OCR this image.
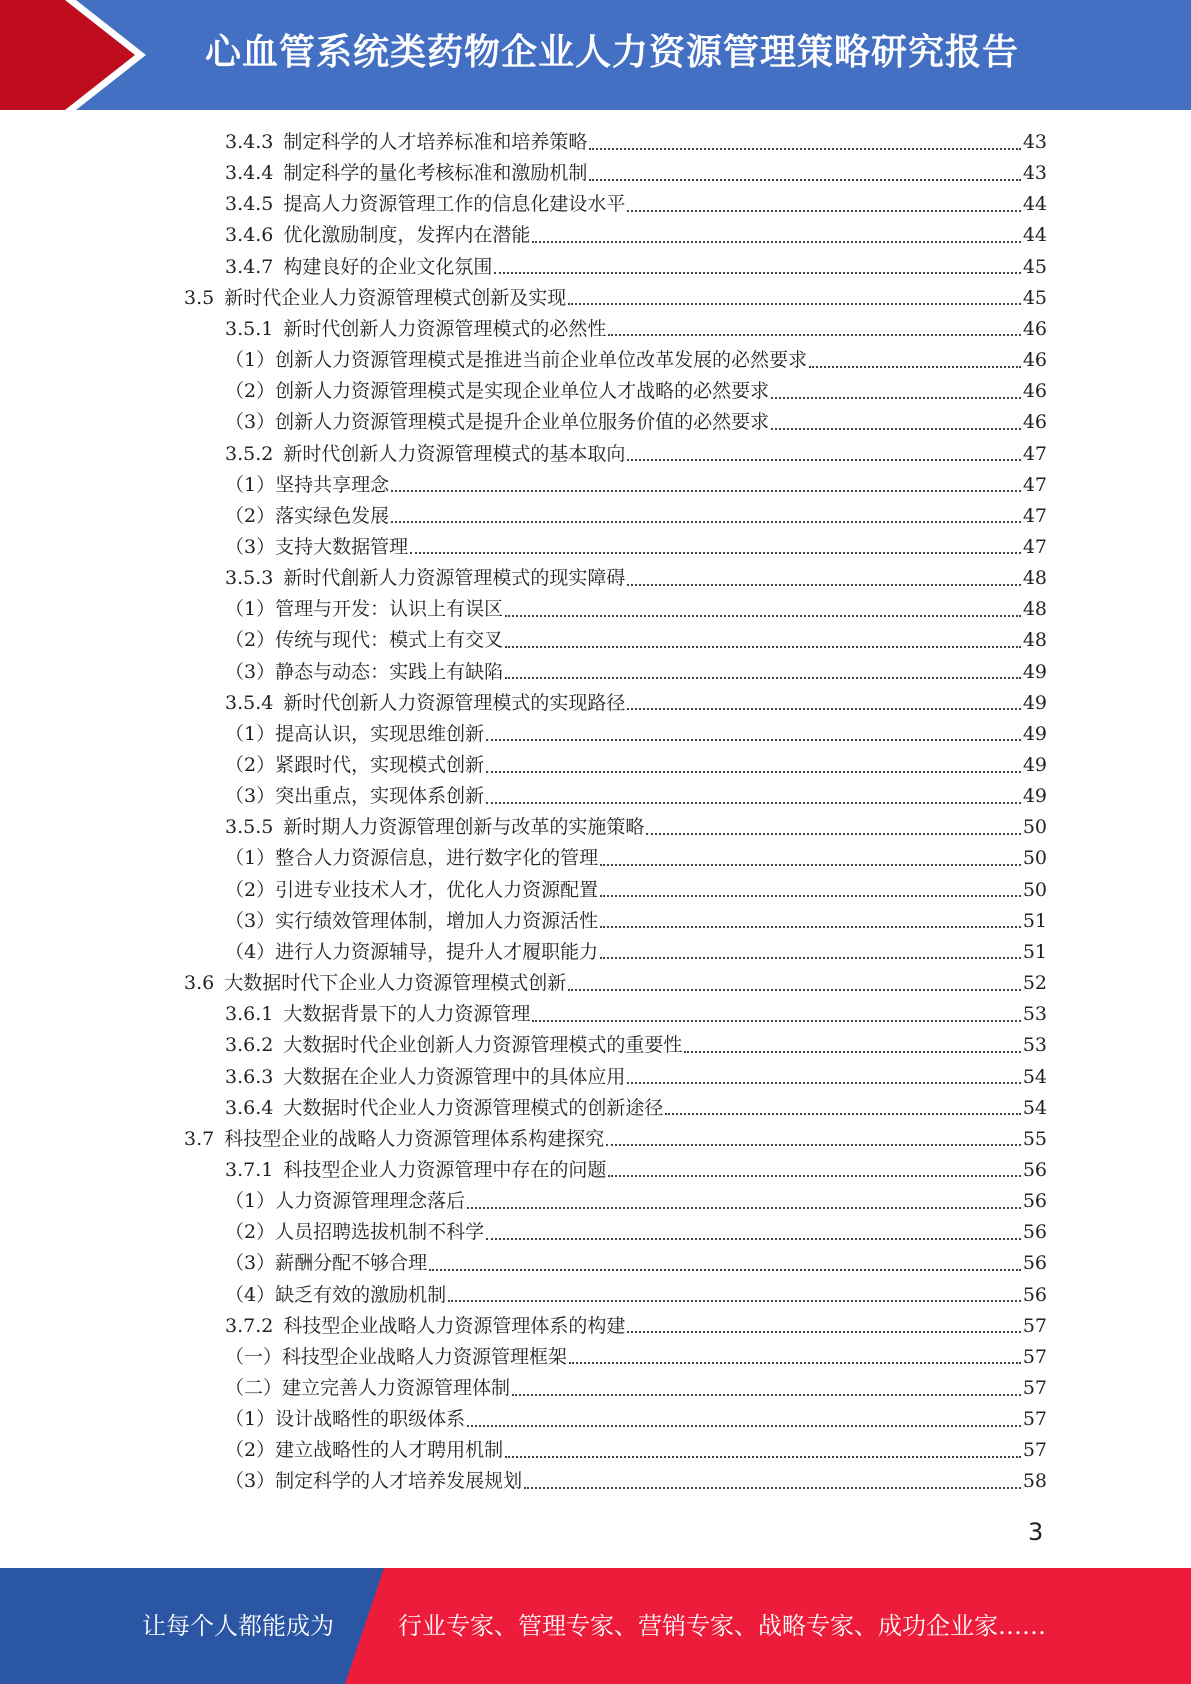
心血管系统类药物企业人力资源管理策略研究报告
3.4.3 制定科学的人才培养标准和培养策略	43
3.4.4 制定科学的量化考核标准和激励机制	43
3.4.5 提高人力资源管理工作的信息化建设水平	44
3.4.6 优化激励制度，发挥内在潜能	44
3.4.7 构建良好的企业文化氛围	45
3.5 新时代企业人力资源管理模式创新及实现	45
3.5.1 新时代创新人力资源管理模式的必然性	46
（1）创新人力资源管理模式是推进当前企业单位改革发展的必然要求	46
（2）创新人力资源管理模式是实现企业单位人才战略的必然要求	46
（3）创新人力资源管理模式是提升企业单位服务价值的必然要求	46
3.5.2 新时代创新人力资源管理模式的基本取向	47
（1）坚持共享理念	47
（2）落实绿色发展	47
（3）支持大数据管理	47
3.5.3 新时代創新人力资源管理模式的现实障碍	48
（1）管理与开发：认识上有误区	48
（2）传统与现代：模式上有交叉	48
（3）静态与动态：实践上有缺陷	49
3.5.4 新时代创新人力资源管理模式的实现路径	49
（1）提高认识，实现思维创新	49
（2）紧跟时代，实现模式创新	49
（3）突出重点，实现体系创新	49
3.5.5 新时期人力资源管理创新与改革的实施策略	50
（1）整合人力资源信息，进行数字化的管理	50
（2）引进专业技术人才，优化人力资源配置	50
（3）实行绩效管理体制，增加人力资源活性	51
（4）进行人力资源辅导，提升人才履职能力	51
3.6 大数据时代下企业人力资源管理模式创新	52
3.6.1 大数据背景下的人力资源管理	53
3.6.2 大数据时代企业创新人力资源管理模式的重要性	53
3.6.3 大数据在企业人力资源管理中的具体应用	54
3.6.4 大数据时代企业人力资源管理模式的创新途径	54
3.7 科技型企业的战略人力资源管理体系构建探究	55
3.7.1 科技型企业人力资源管理中存在的问题	56
（1）人力资源管理理念落后	56
（2）人员招聘选拔机制不科学	56
（3）薪酬分配不够合理	56
（4）缺乏有效的激励机制	56
3.7.2 科技型企业战略人力资源管理体系的构建	57
（一）科技型企业战略人力资源管理框架	57
（二）建立完善人力资源管理体制	57
（1）设计战略性的职级体系	57
（2）建立战略性的人才聘用机制	57
（3）制定科学的人才培养发展规划	58
3
让每个人都能成为	行业专家、管理专家、营销专家、战略专家、成功企业家……
